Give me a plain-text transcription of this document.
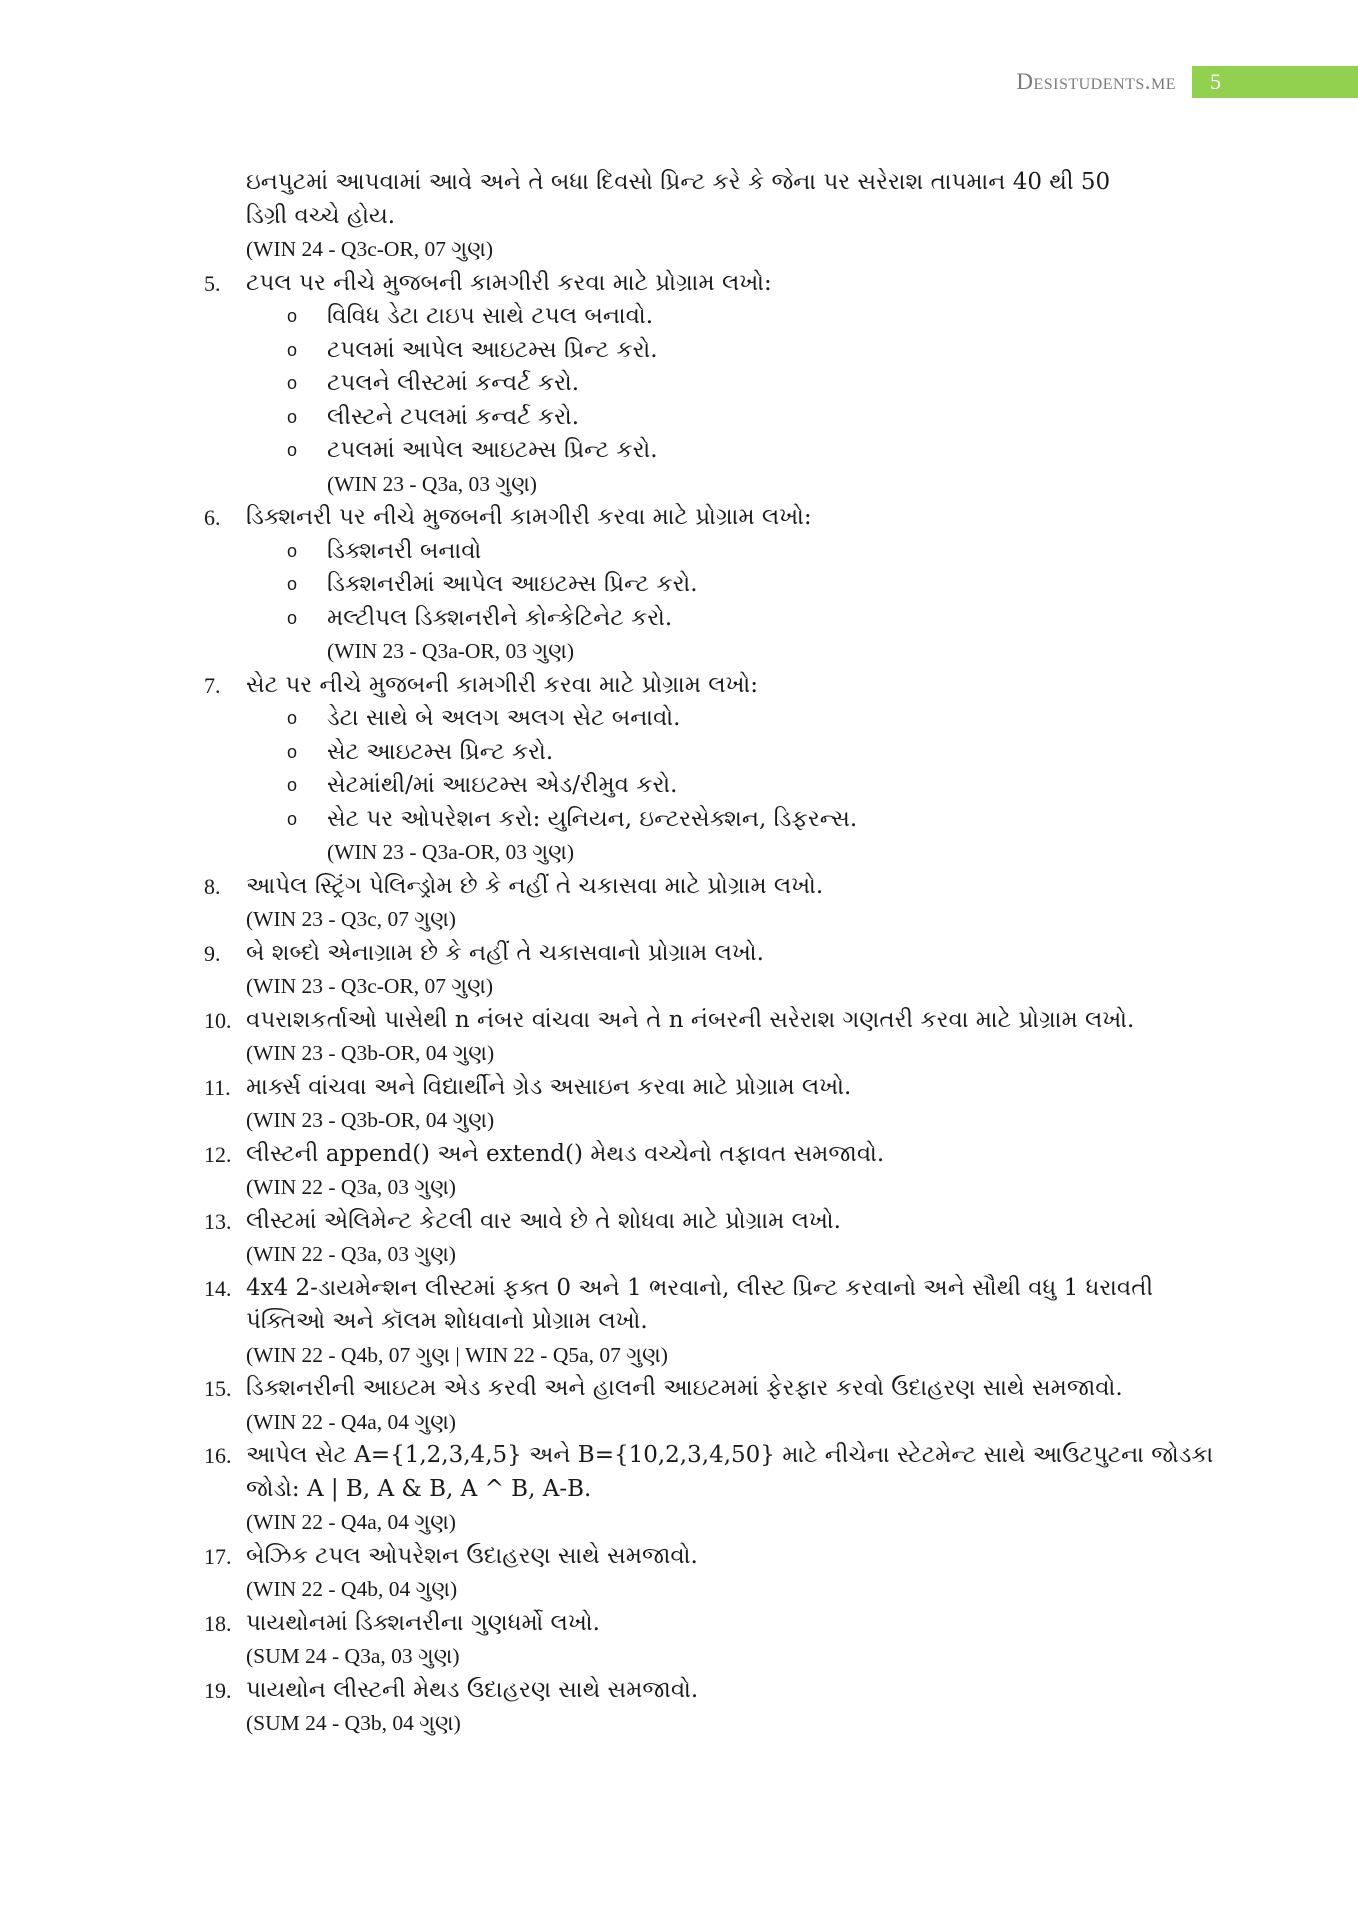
Desistudents.me	5
ઇનપુટમાં આપવામાં આવે અને તે બધા દિવસો પ્રિન્ટ કરે કે જેના પર સરેરાશ તાપમાન 40 થી 50
ડિગ્રી વચ્ચે હોય.
(WIN 24 - Q3c-OR, 07 ગુણ)
5. ટપલ પર નીચે મુજબની કામગીરી કરવા માટે પ્રોગ્રામ લખો:
o વિવિધ ડેટા ટાઇપ સાથે ટપલ બનાવો.
o ટપલમાં આપેલ આઇટમ્સ પ્રિન્ટ કરો.
o ટપલને લીસ્ટમાં કન્વર્ટ કરો.
o લીસ્ટને ટપલમાં કન્વર્ટ કરો.
o ટપલમાં આપેલ આઇટમ્સ પ્રિન્ટ કરો.
(WIN 23 - Q3a, 03 ગુણ)
6. ડિક્શનરી પર નીચે મુજબની કામગીરી કરવા માટે પ્રોગ્રામ લખો:
o ડિક્શનરી બનાવો
o ડિક્શનરીમાં આપેલ આઇટમ્સ પ્રિન્ટ કરો.
o મલ્ટીપલ ડિક્શનરીને કોન્કેટિનેટ કરો.
(WIN 23 - Q3a-OR, 03 ગુણ)
7. સેટ પર નીચે મુજબની કામગીરી કરવા માટે પ્રોગ્રામ લખો:
o ડેટા સાથે બે અલગ અલગ સેટ બનાવો.
o સેટ આઇટમ્સ પ્રિન્ટ કરો.
o સેટમાંથી/માં આઇટમ્સ એડ/રીમુવ કરો.
o સેટ પર ઓપરેશન કરો: યુનિયન, ઇન્ટરસેક્શન, ડિફરન્સ.
(WIN 23 - Q3a-OR, 03 ગુણ)
8. આપેલ સ્ટ્રિંગ પેલિન્ડ્રોમ છે કે નહીં તે ચકાસવા માટે પ્રોગ્રામ લખો.
(WIN 23 - Q3c, 07 ગુણ)
9. બે શબ્દો એનાગ્રામ છે કે નહીં તે ચકાસવાનો પ્રોગ્રામ લખો.
(WIN 23 - Q3c-OR, 07 ગુણ)
10. વપરાશકર્તાઓ પાસેથી n નંબર વાંચવા અને તે n નંબરની સરેરાશ ગણતરી કરવા માટે પ્રોગ્રામ લખો.
(WIN 23 - Q3b-OR, 04 ગુણ)
11. માર્ક્સ વાંચવા અને વિદ્યાર્થીને ગ્રેડ અસાઇન કરવા માટે પ્રોગ્રામ લખો.
(WIN 23 - Q3b-OR, 04 ગુણ)
12. લીસ્ટની append() અને extend() મેથડ વચ્ચેનો તફાવત સમજાવો.
(WIN 22 - Q3a, 03 ગુણ)
13. લીસ્ટમાં એલિમેન્ટ કેટલી વાર આવે છે તે શોધવા માટે પ્રોગ્રામ લખો.
(WIN 22 - Q3a, 03 ગુણ)
14. 4x4 2-ડાયમેન્શન લીસ્ટમાં ફક્ત 0 અને 1 ભરવાનો, લીસ્ટ પ્રિન્ટ કરવાનો અને સૌથી વધુ 1 ધરાવતી
પંક્તિઓ અને કૉલમ શોધવાનો પ્રોગ્રામ લખો.
(WIN 22 - Q4b, 07 ગુણ | WIN 22 - Q5a, 07 ગુણ)
15. ડિક્શનરીની આઇટમ એડ કરવી અને હાલની આઇટમમાં ફેરફાર કરવો ઉદાહરણ સાથે સમજાવો.
(WIN 22 - Q4a, 04 ગુણ)
16. આપેલ સેટ A={1,2,3,4,5} અને B={10,2,3,4,50} માટે નીચેના સ્ટેટમેન્ટ સાથે આઉટપુટના જોડકા
જોડો: A | B, A & B, A ^ B, A-B.
(WIN 22 - Q4a, 04 ગુણ)
17. બેઝિક ટપલ ઓપરેશન ઉદાહરણ સાથે સમજાવો.
(WIN 22 - Q4b, 04 ગુણ)
18. પાયથોનમાં ડિક્શનરીના ગુણધર્મો લખો.
(SUM 24 - Q3a, 03 ગુણ)
19. પાયથોન લીસ્ટની મેથડ ઉદાહરણ સાથે સમજાવો.
(SUM 24 - Q3b, 04 ગુણ)
